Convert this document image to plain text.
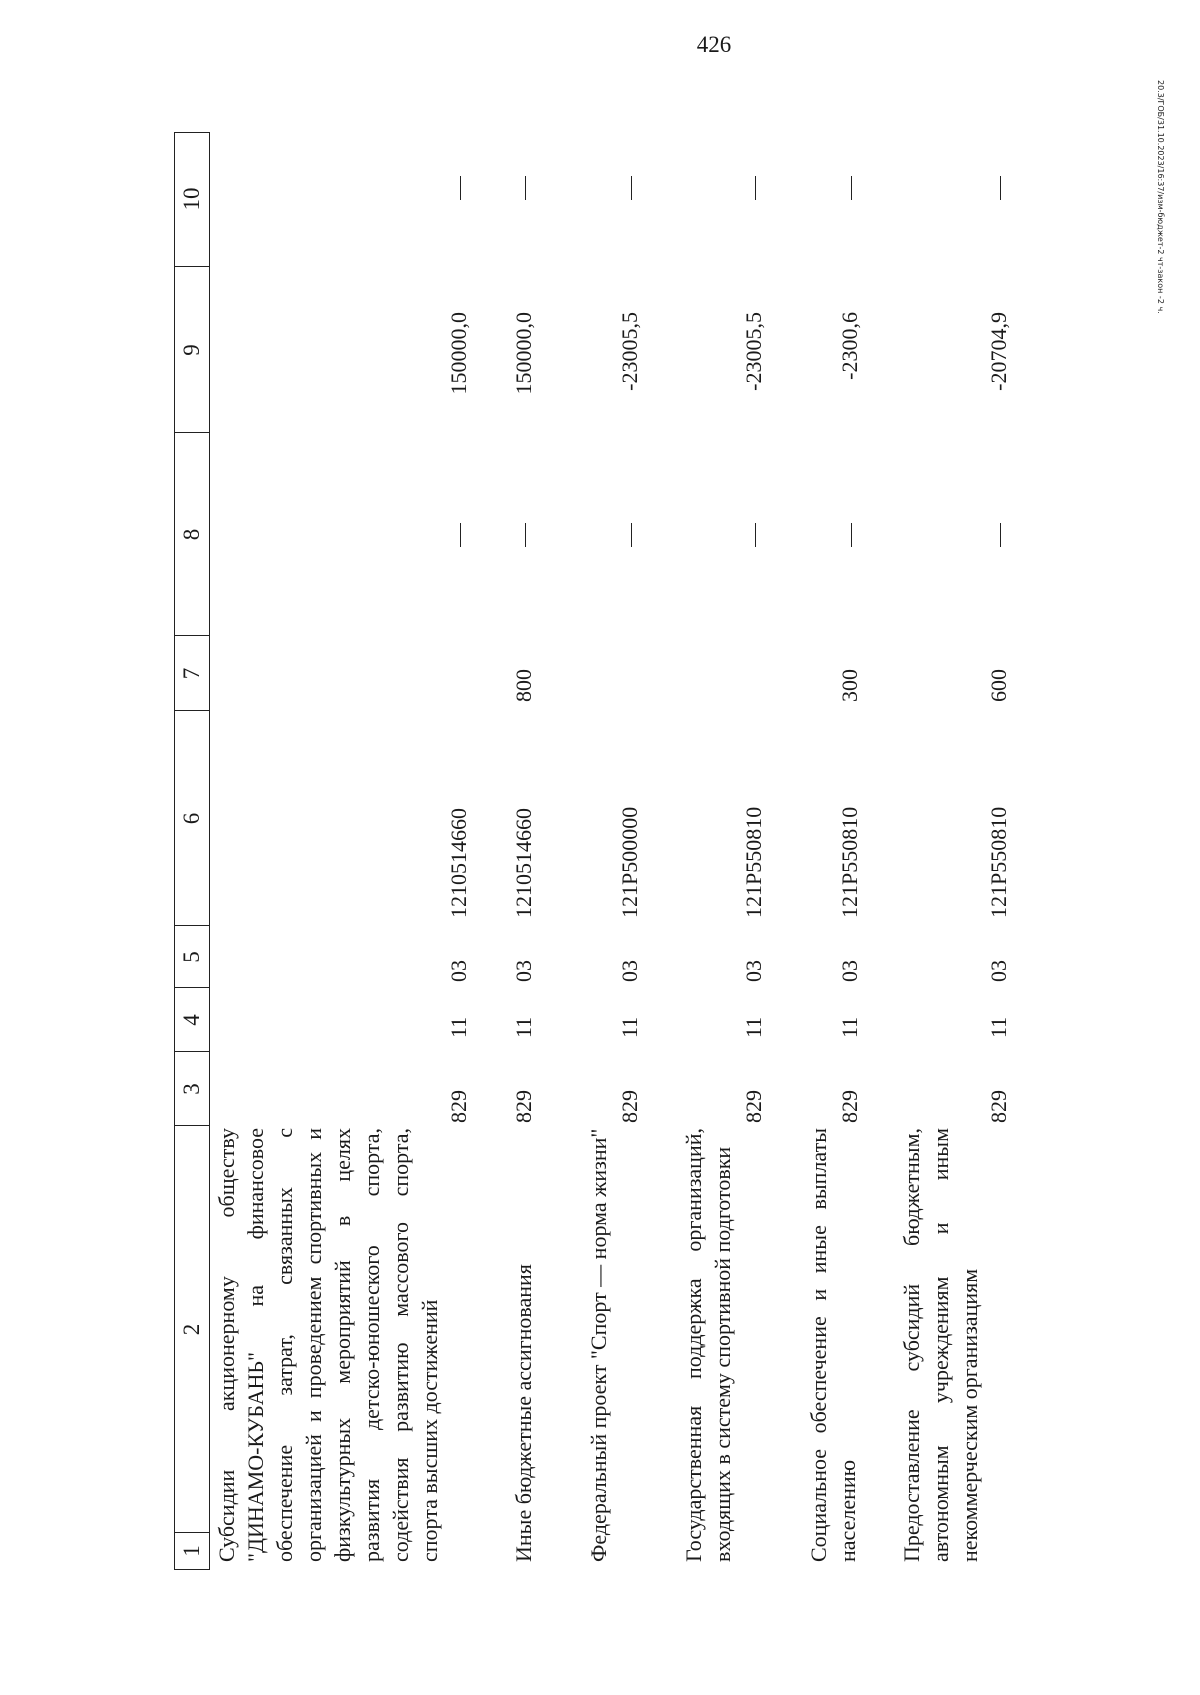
426
20.3/ГОБ/31.10.2023/16:37/изм-бюджет-2 чт-закон -2 ч.
1
2
3
4
5
6
7
8
9
10
Субсидии акционерному обществу "ДИНАМО-КУБАНЬ" на финансовое обеспечение затрат, связанных с организацией и проведением спортивных и физкультурных мероприятий в целях развития детско-юношеского спорта, содействия развитию массового спорта, спорта высших достижений
829
11
03
1210514660
150000,0
Иные бюджетные ассигнования
829
11
03
1210514660
800
150000,0
Федеральный проект "Спорт — норма жизни"
829
11
03
121Р500000
-23005,5
Государственная поддержка организаций, входящих в систему спортивной подготовки
829
11
03
121Р550810
-23005,5
Социальное обеспечение и иные выплаты населению
829
11
03
121Р550810
300
-2300,6
Предоставление субсидий бюджетным, автономным учреждениям и иным некоммерческим организациям
829
11
03
121Р550810
600
-20704,9
